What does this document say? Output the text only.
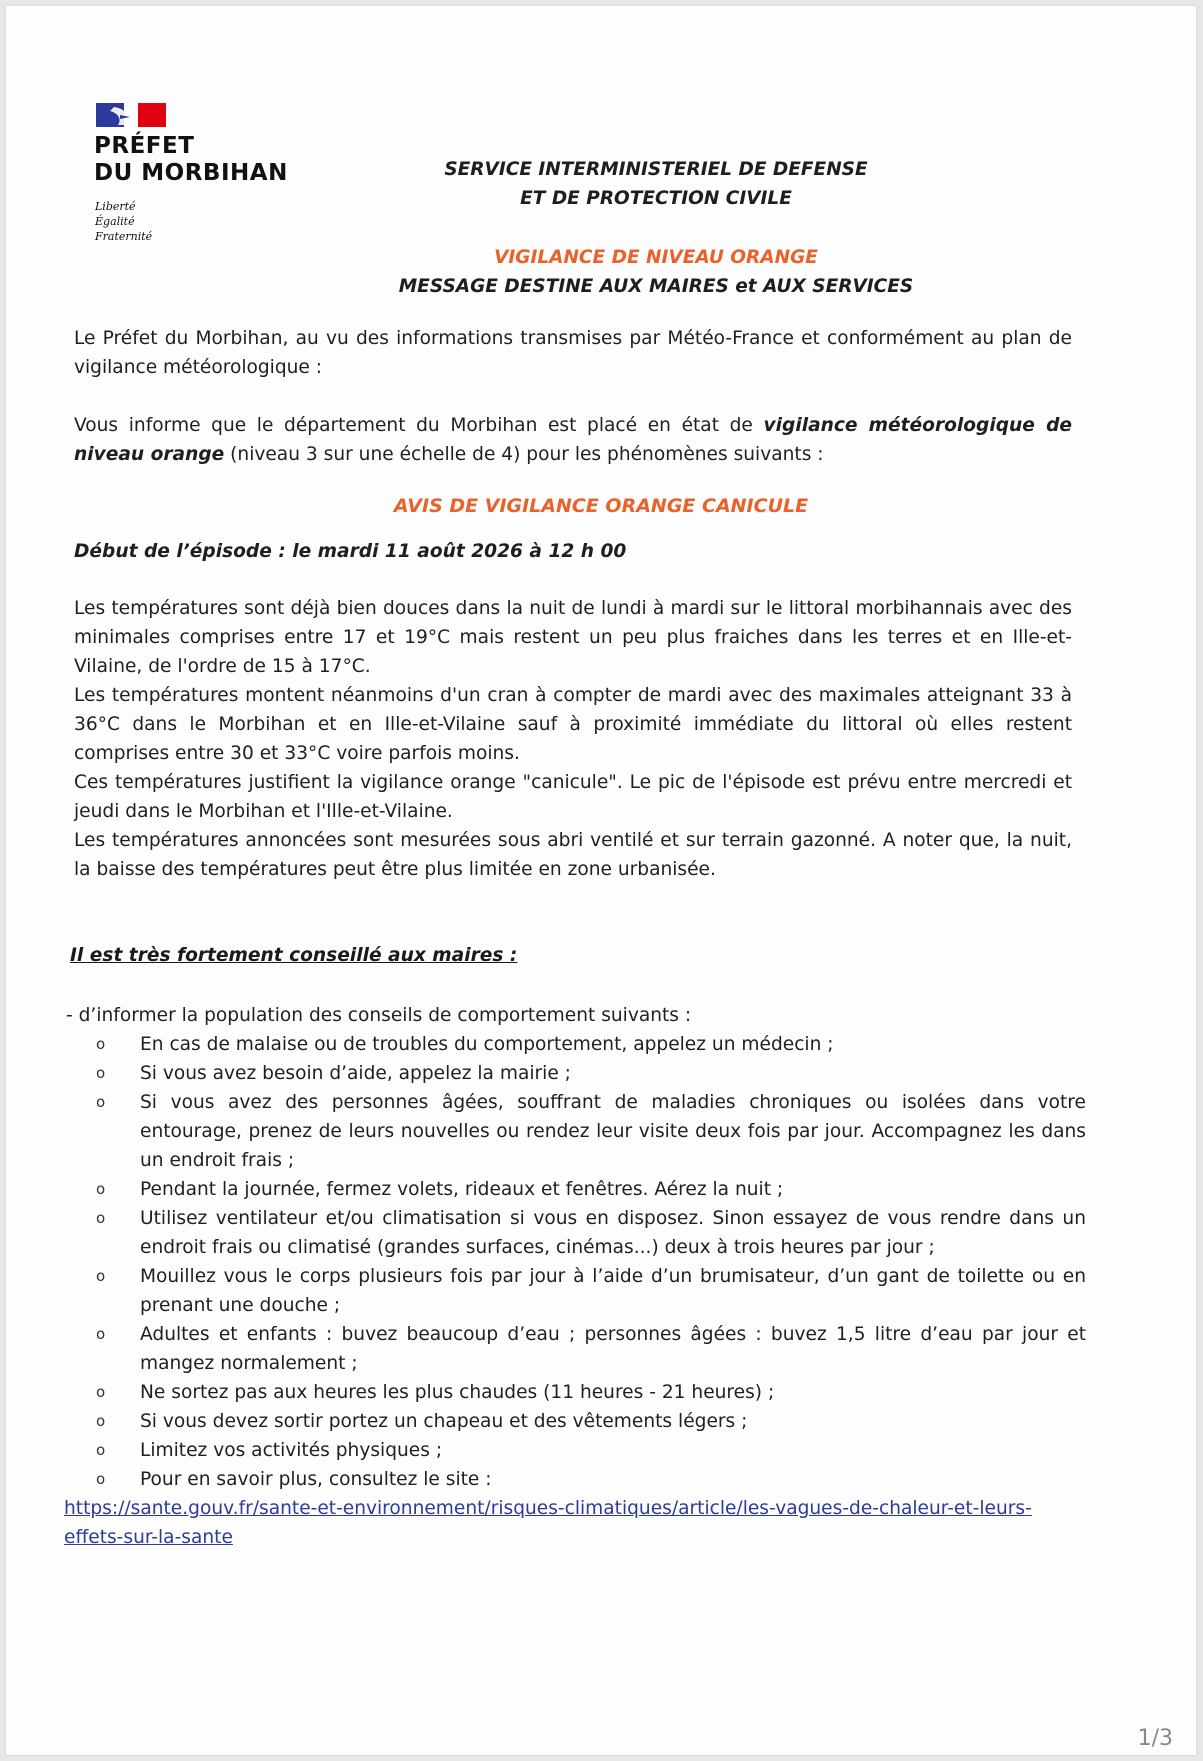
PRÉFET
DU MORBIHAN
Liberté
Égalité
Fraternité
SERVICE INTERMINISTERIEL DE DEFENSE
ET DE PROTECTION CIVILE
VIGILANCE DE NIVEAU ORANGE
MESSAGE DESTINE AUX MAIRES et AUX SERVICES
Le Préfet du Morbihan, au vu des informations transmises par Météo-France et conformément au plan de vigilance météorologique :
Vous informe que le département du Morbihan est placé en état de vigilance météorologique de niveau orange (niveau 3 sur une échelle de 4) pour les phénomènes suivants :
AVIS DE VIGILANCE ORANGE CANICULE
Début de l’épisode : le mardi 11 août 2026 à 12 h 00
Les températures sont déjà bien douces dans la nuit de lundi à mardi sur le littoral morbihannais avec des minimales comprises entre 17 et 19°C mais restent un peu plus fraiches dans les terres et en Ille-et-Vilaine, de l'ordre de 15 à 17°C.
Les températures montent néanmoins d'un cran à compter de mardi avec des maximales atteignant 33 à 36°C dans le Morbihan et en Ille-et-Vilaine sauf à proximité immédiate du littoral où elles restent comprises entre 30 et 33°C voire parfois moins.
Ces températures justifient la vigilance orange "canicule". Le pic de l'épisode est prévu entre mercredi et jeudi dans le Morbihan et l'Ille-et-Vilaine.
Les températures annoncées sont mesurées sous abri ventilé et sur terrain gazonné. A noter que, la nuit, la baisse des températures peut être plus limitée en zone urbanisée.
Il est très fortement conseillé aux maires :
- d’informer la population des conseils de comportement suivants :
o	En cas de malaise ou de troubles du comportement, appelez un médecin ;
o	Si vous avez besoin d’aide, appelez la mairie ;
o	Si vous avez des personnes âgées, souffrant de maladies chroniques ou isolées dans votre entourage, prenez de leurs nouvelles ou rendez leur visite deux fois par jour. Accompagnez les dans un endroit frais ;
o	Pendant la journée, fermez volets, rideaux et fenêtres. Aérez la nuit ;
o	Utilisez ventilateur et/ou climatisation si vous en disposez. Sinon essayez de vous rendre dans un endroit frais ou climatisé (grandes surfaces, cinémas...) deux à trois heures par jour ;
o	Mouillez vous le corps plusieurs fois par jour à l’aide d’un brumisateur, d’un gant de toilette ou en prenant une douche ;
o	Adultes et enfants : buvez beaucoup d’eau ; personnes âgées : buvez 1,5 litre d’eau par jour et mangez normalement ;
o	Ne sortez pas aux heures les plus chaudes (11 heures - 21 heures) ;
o	Si vous devez sortir portez un chapeau et des vêtements légers ;
o	Limitez vos activités physiques ;
o	Pour en savoir plus, consultez le site :
https://sante.gouv.fr/sante-et-environnement/risques-climatiques/article/les-vagues-de-chaleur-et-leurs-effets-sur-la-sante
1/3
